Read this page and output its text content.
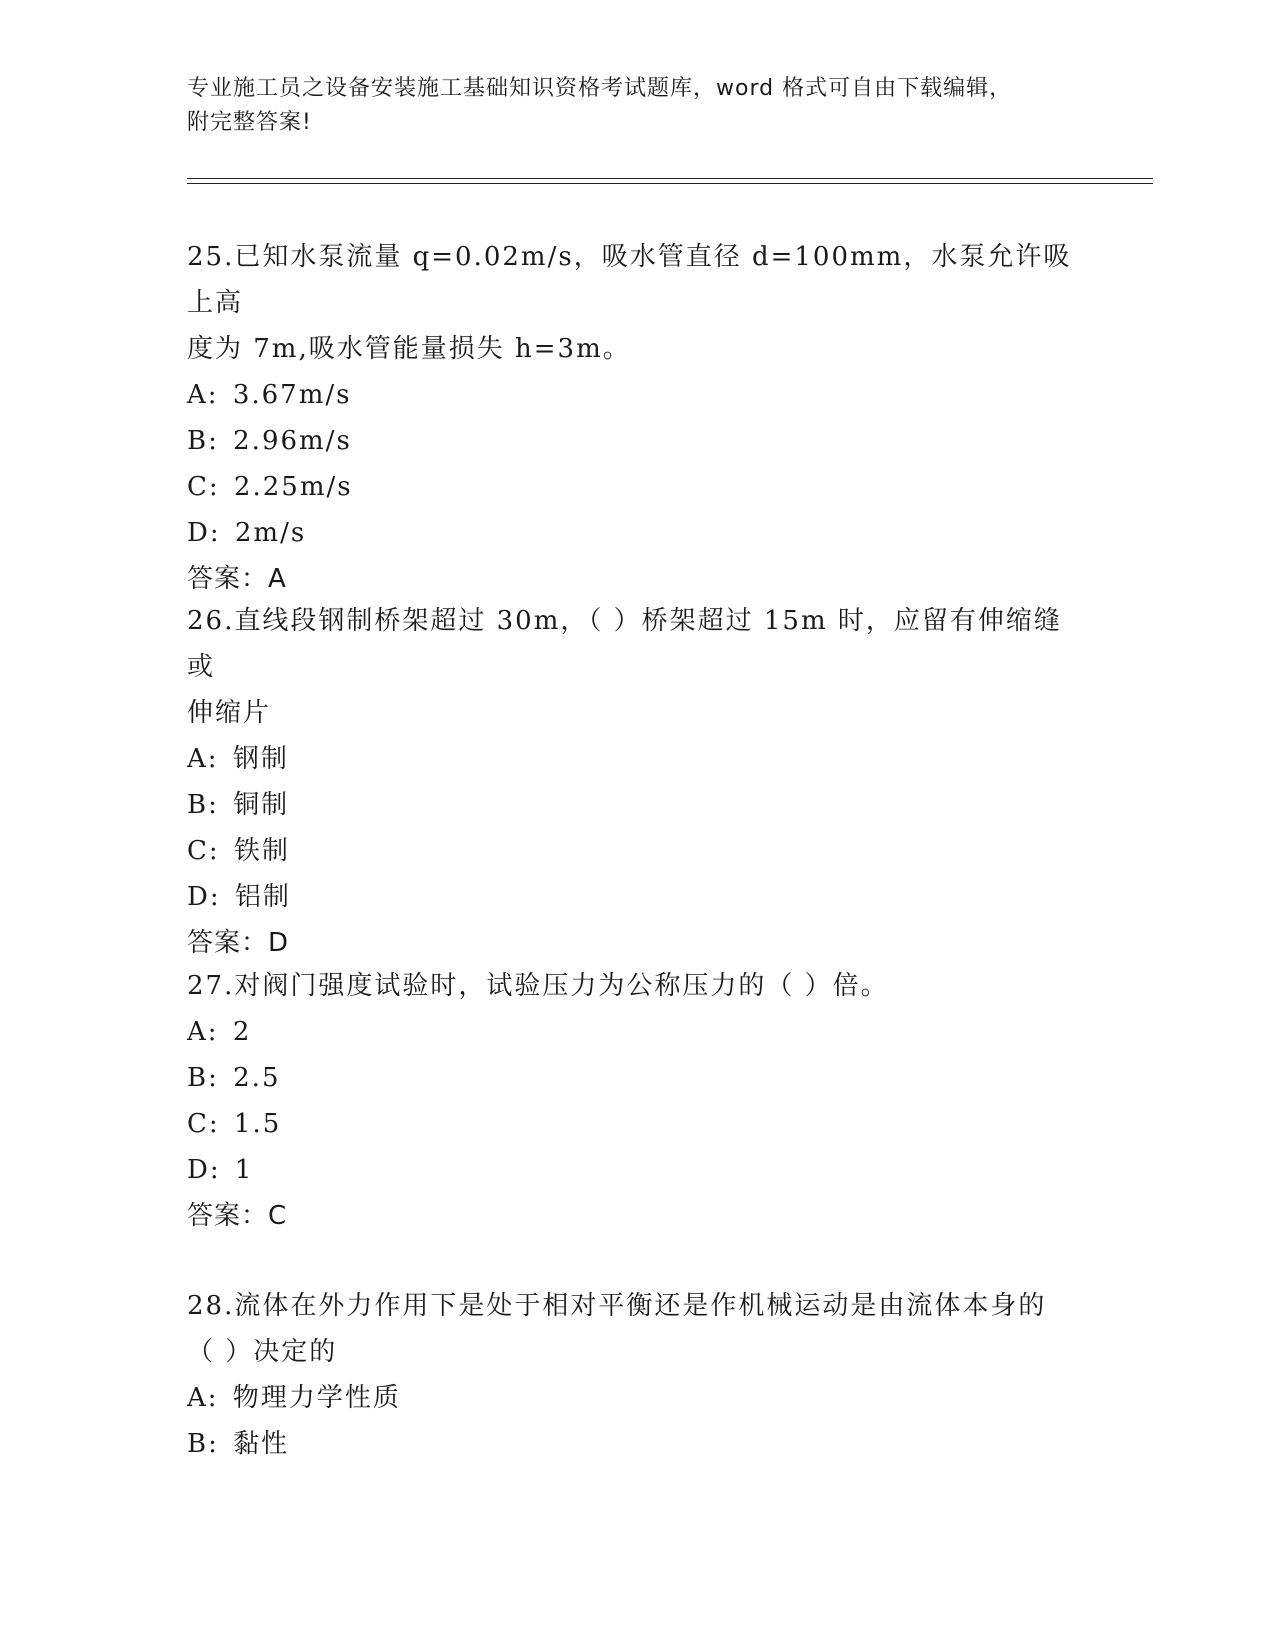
专业施工员之设备安装施工基础知识资格考试题库，word 格式可自由下载编辑，
附完整答案!
25.已知水泵流量 q=0.02m/s，吸水管直径 d=100mm，水泵允许吸上高
度为 7m,吸水管能量损失 h=3m。
A: 3.67m/s
B: 2.96m/s
C: 2.25m/s
D: 2m/s
答案：A
26.直线段钢制桥架超过 30m，（ ）桥架超过 15m 时，应留有伸缩缝或
伸缩片
A: 钢制
B: 铜制
C: 铁制
D: 铝制
答案：D
27.对阀门强度试验时，试验压力为公称压力的（ ）倍。
A: 2
B: 2.5
C: 1.5
D: 1
答案：C
28.流体在外力作用下是处于相对平衡还是作机械运动是由流体本身的
（ ）决定的
A: 物理力学性质
B: 黏性
